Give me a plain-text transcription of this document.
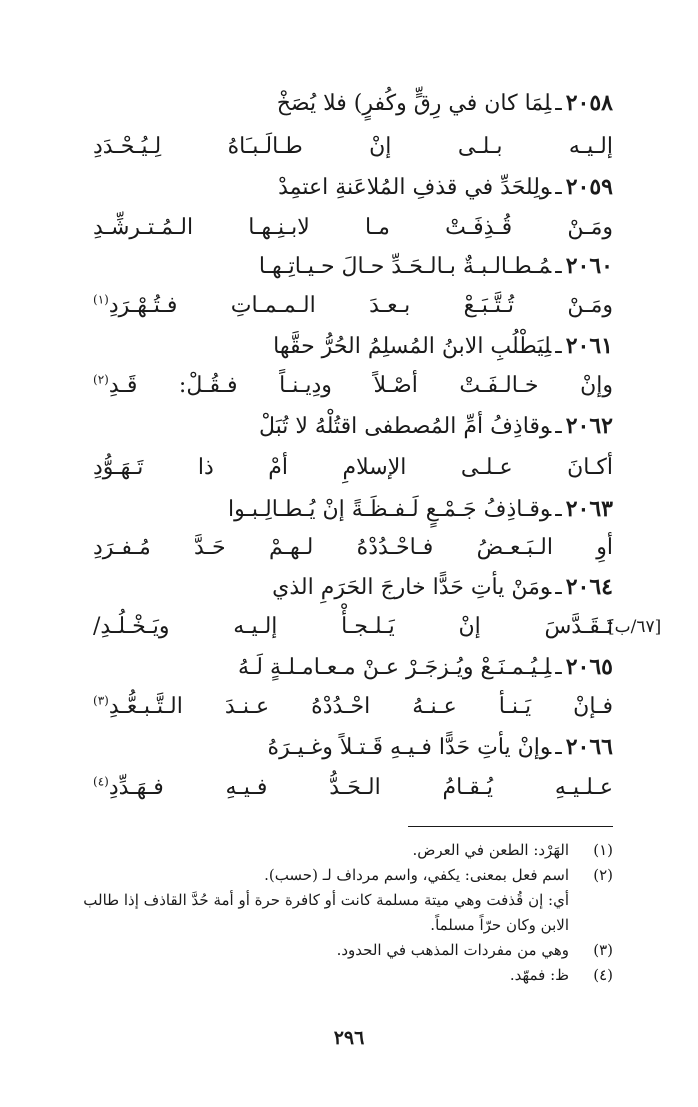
٢٠٥٨ـلِمَا كان في رِقٍّ وكُفرٍ) فلا يُصَخْ
إلـيـه بـلـى إنْ طـالَـبـَاهُ لِـيُـحْـدَدِ
٢٠٥٩ـولِلحَدِّ في قذفِ المُلاعَنةِ اعتمِدْ
ومَـنْ قُـذِفَـتْ مـا لابـنِـهـا الـمُـتـرشِّـدِ
٢٠٦٠ـمُـطـالـبـةٌ بـالـحَـدِّ حـالَ حـيـاتِـهـا
ومَـنْ تُـتَّـبَـعْ بـعـدَ الـمـمـاتِ فـتُـهْـرَدِ$^{(١)}$
٢٠٦١ـلِيَطْلُبِ الابنُ المُسلِمُ الحُرُّ حقَّها
وإنْ خـالـفَـتْ أصْـلاً ودِيـنـاً فـقُـلْ: قَـدِ$^{(٢)}$
٢٠٦٢ـوقاذِفُ أمِّ المُصطفى اقتُلْهُ لا تُبَلْ
أكـانَ عـلـى الإسلامِ أمْ ذا تَـهَـوُّدِ
٢٠٦٣ـوقـاذِفُ جَـمْـعٍ لَـفـظَـةً إنْ يُـطـالِـبـوا
أوِ الـبَـعـضُ فـاحْـدُدْهُ لـهـمْ حَـدَّ مُـفـرَدِ
٢٠٦٤ـومَنْ يأتِ حَدًّا خارجَ الحَرَمِ الذي
تَـقَـدَّسَ إنْ يَـلـجـأْ إلـيـه ويَـخْـلُـدِ/
[٦٧/ب]
٢٠٦٥ـلِـيُـمـنَـعْ ويُـزجَـرْ عـنْ مـعـامـلـةٍ لَـهُ
فـإنْ يَـنـأ عـنـهُ احْـدُدْهُ عـنـدَ الـتَّـبـعُّـدِ$^{(٣)}$
٢٠٦٦ـوإنْ يأتِ حَدًّا فـيـهِ قَـتـلاً وغـيـرَهُ
عـلـيـهِ يُـقـامُ الـحَـدُّ فـيـهِ فـهَـدِّدِ$^{(٤)}$
(١)
الهَرْد: الطعن في العرض.
(٢)
اسم فعل بمعنى: يكفي، واسم مرداف لـ (حسب).
أي: إن قُذفت وهي ميتة مسلمة كانت أو كافرة حرة أو أمة حُدَّ القاذف إذا طالب
الابن وكان حرّاً مسلماً.
(٣)
وهي من مفردات المذهب في الحدود.
(٤)
ظ: فمهّد.
٢٩٦
